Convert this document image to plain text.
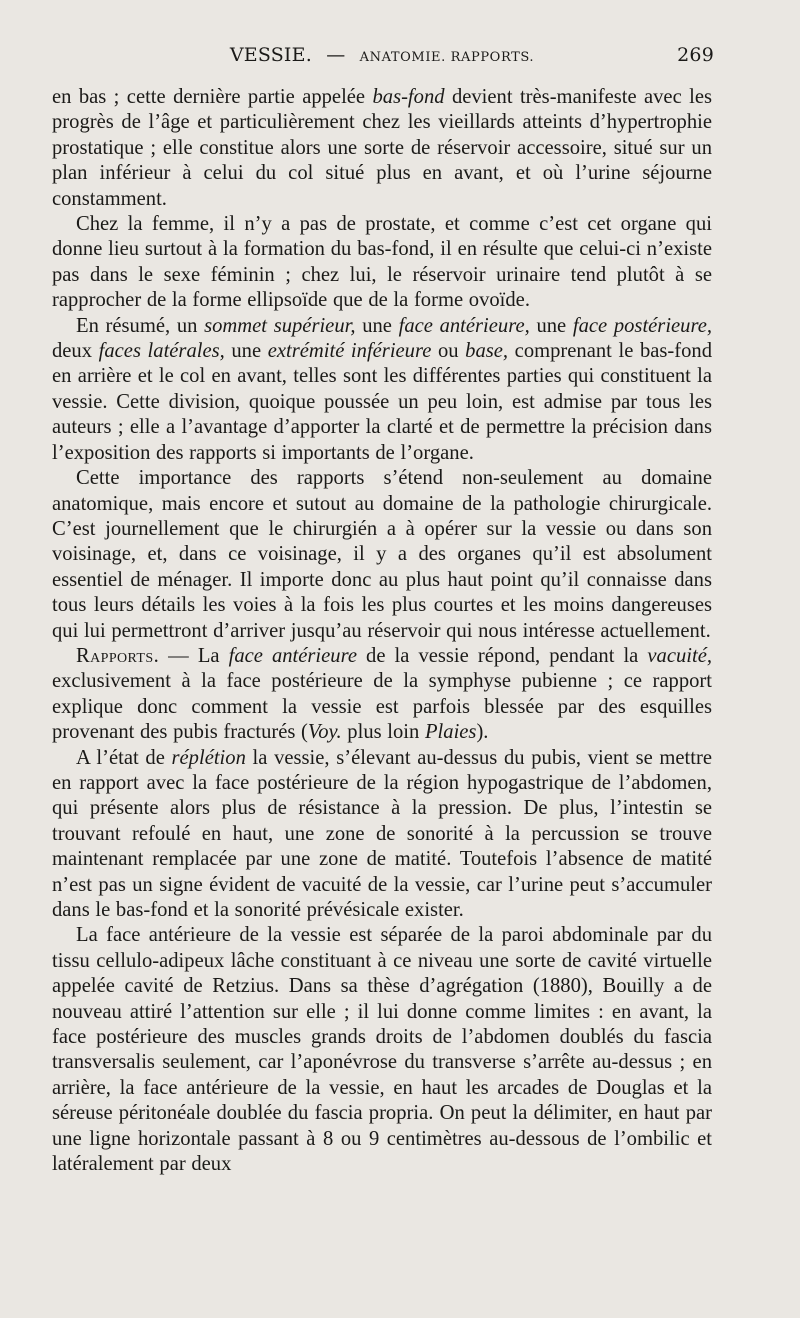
VESSIE. — ANATOMIE. RAPPORTS.	269

en bas ; cette dernière partie appelée bas-fond devient très-manifeste avec les progrès de l’âge et particulièrement chez les vieillards atteints d’hypertrophie prostatique ; elle constitue alors une sorte de réservoir accessoire, situé sur un plan inférieur à celui du col situé plus en avant, et où l’urine séjourne constamment.

Chez la femme, il n’y a pas de prostate, et comme c’est cet organe qui donne lieu surtout à la formation du bas-fond, il en résulte que celui-ci n’existe pas dans le sexe féminin ; chez lui, le réservoir urinaire tend plutôt à se rapprocher de la forme ellipsoïde que de la forme ovoïde.

En résumé, un sommet supérieur, une face antérieure, une face postérieure, deux faces latérales, une extrémité inférieure ou base, comprenant le bas-fond en arrière et le col en avant, telles sont les différentes parties qui constituent la vessie. Cette division, quoique poussée un peu loin, est admise par tous les auteurs ; elle a l’avantage d’apporter la clarté et de permettre la précision dans l’exposition des rapports si importants de l’organe.

Cette importance des rapports s’étend non-seulement au domaine anatomique, mais encore et sutout au domaine de la pathologie chirurgicale. C’est journellement que le chirurgién a à opérer sur la vessie ou dans son voisinage, et, dans ce voisinage, il y a des organes qu’il est absolument essentiel de ménager. Il importe donc au plus haut point qu’il connaisse dans tous leurs détails les voies à la fois les plus courtes et les moins dangereuses qui lui permettront d’arriver jusqu’au réservoir qui nous intéresse actuellement.

Rapports. — La face antérieure de la vessie répond, pendant la vacuité, exclusivement à la face postérieure de la symphyse pubienne ; ce rapport explique donc comment la vessie est parfois blessée par des esquilles provenant des pubis fracturés (Voy. plus loin Plaies).

A l’état de réplétion la vessie, s’élevant au-dessus du pubis, vient se mettre en rapport avec la face postérieure de la région hypogastrique de l’abdomen, qui présente alors plus de résistance à la pression. De plus, l’intestin se trouvant refoulé en haut, une zone de sonorité à la percussion se trouve maintenant remplacée par une zone de matité. Toutefois l’absence de matité n’est pas un signe évident de vacuité de la vessie, car l’urine peut s’accumuler dans le bas-fond et la sonorité prévésicale exister.

La face antérieure de la vessie est séparée de la paroi abdominale par du tissu cellulo-adipeux lâche constituant à ce niveau une sorte de cavité virtuelle appelée cavité de Retzius. Dans sa thèse d’agrégation (1880), Bouilly a de nouveau attiré l’attention sur elle ; il lui donne comme limites : en avant, la face postérieure des muscles grands droits de l’abdomen doublés du fascia transversalis seulement, car l’aponévrose du transverse s’arrête au-dessus ; en arrière, la face antérieure de la vessie, en haut les arcades de Douglas et la séreuse péritonéale doublée du fascia propria. On peut la délimiter, en haut par une ligne horizontale passant à 8 ou 9 centimètres au-dessous de l’ombilic et latéralement par deux
